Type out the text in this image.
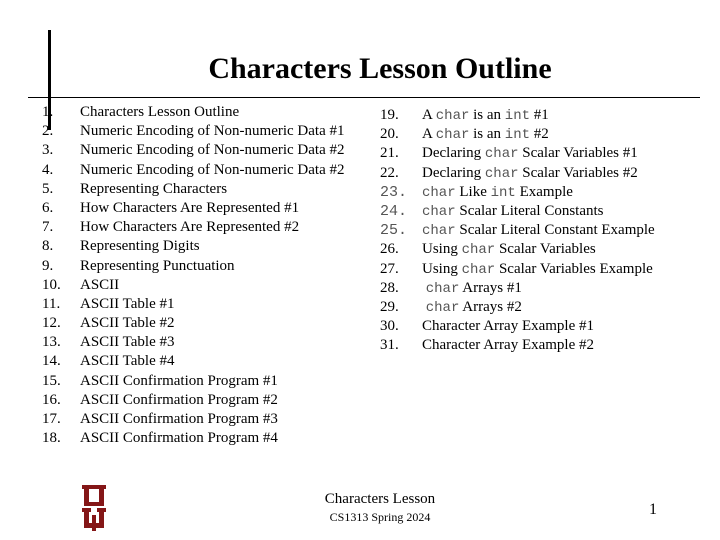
Characters Lesson Outline
1.	Characters Lesson Outline
2.	Numeric Encoding of Non-numeric Data #1
3.	Numeric Encoding of Non-numeric Data #2
4.	Numeric Encoding of Non-numeric Data #2
5.	Representing Characters
6.	How Characters Are Represented #1
7.	How Characters Are Represented #2
8.	Representing Digits
9.	Representing Punctuation
10.	ASCII
11.	ASCII Table #1
12.	ASCII Table #2
13.	ASCII Table #3
14.	ASCII Table #4
15.	ASCII Confirmation Program #1
16.	ASCII Confirmation Program #2
17.	ASCII Confirmation Program #3
18.	ASCII Confirmation Program #4
19.	A char is an int #1
20.	A char is an int #2
21.	Declaring char Scalar Variables #1
22.	Declaring char Scalar Variables #2
23.	char Like int Example
24.	char Scalar Literal Constants
25.	char Scalar Literal Constant Example
26.	Using char Scalar Variables
27.	Using char Scalar Variables Example
28.	char Arrays #1
29.	char Arrays #2
30.	Character Array Example #1
31.	Character Array Example #2
Characters Lesson
CS1313 Spring 2024	1
